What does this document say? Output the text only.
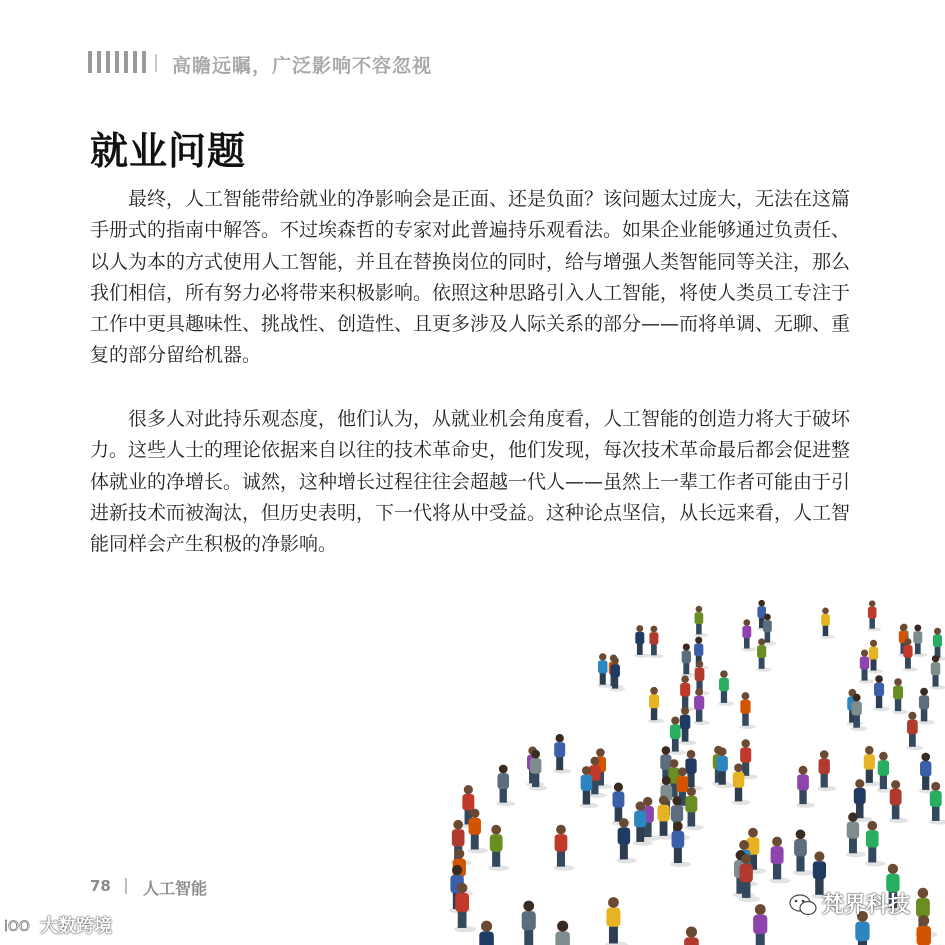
高瞻远瞩，广泛影响不容忽视
就业问题

最终，人工智能带给就业的净影响会是正面、还是负面？该问题太过庞大，无法在这篇手册式的指南中解答。不过埃森哲的专家对此普遍持乐观看法。如果企业能够通过负责任、以人为本的方式使用人工智能，并且在替换岗位的同时，给与增强人类智能同等关注，那么我们相信，所有努力必将带来积极影响。依照这种思路引入人工智能，将使人类员工专注于工作中更具趣味性、挑战性、创造性、且更多涉及人际关系的部分——而将单调、无聊、重复的部分留给机器。

很多人对此持乐观态度，他们认为，从就业机会角度看，人工智能的创造力将大于破坏力。这些人士的理论依据来自以往的技术革命史，他们发现，每次技术革命最后都会促进整体就业的净增长。诚然，这种增长过程往往会超越一代人——虽然上一辈工作者可能由于引进新技术而被淘汰，但历史表明，下一代将从中受益。这种论点坚信，从长远来看，人工智能同样会产生积极的净影响。

78 人工智能
iOO 大数跨境
梵界科技
